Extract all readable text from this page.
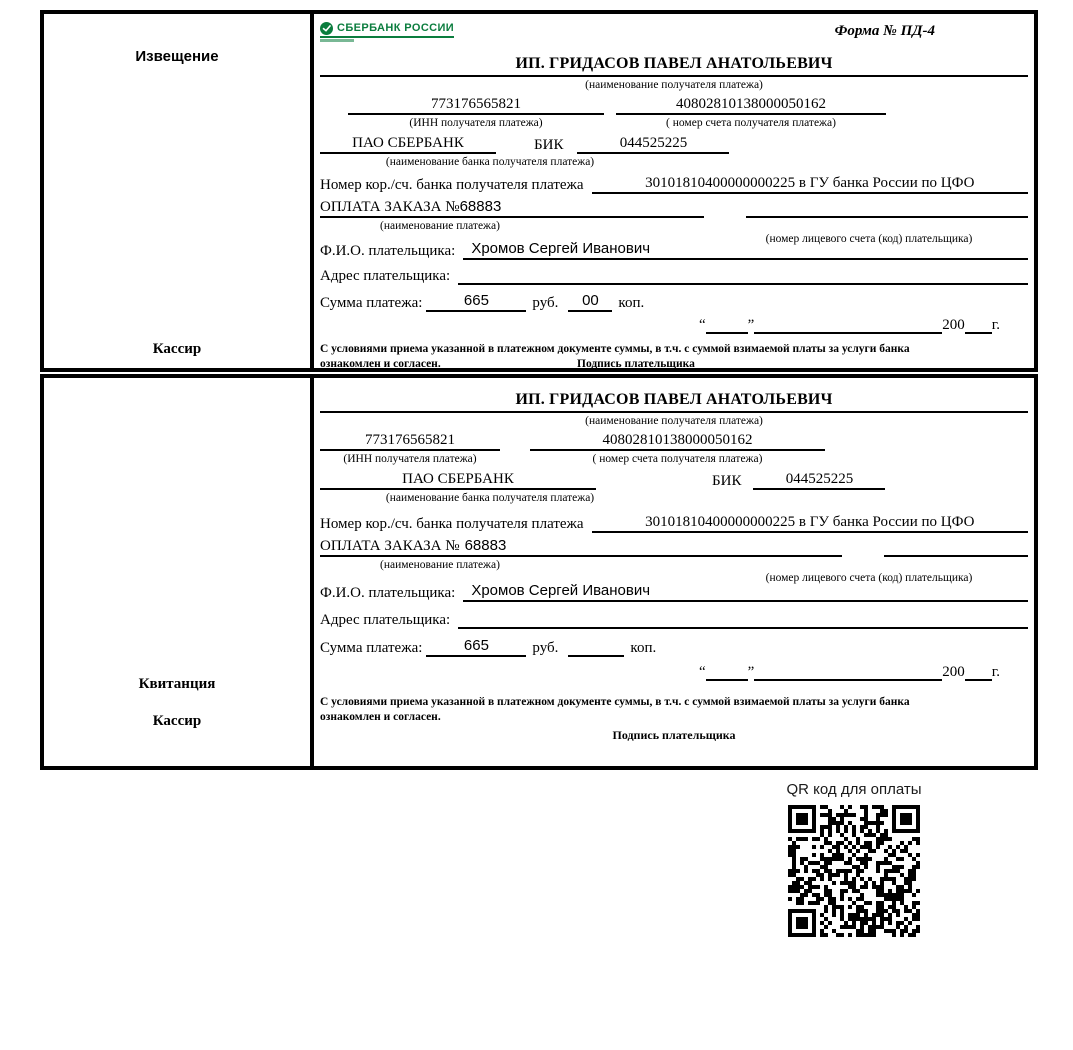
Извещение
Кассир
СБЕРБАНК РОССИИ	Форма № ПД-4
ИП. ГРИДАСОВ ПАВЕЛ АНАТОЛЬЕВИЧ
(наименование получателя платежа)
773176565821	40802810138000050162
(ИНН получателя платежа)	( номер счета получателя платежа)
ПАО СБЕРБАНК	БИК	044525225
(наименование банка получателя платежа)
Номер кор./сч. банка получателя платежа	30101810400000000225 в ГУ банка России по ЦФО
ОПЛАТА ЗАКАЗА №68883
(наименование платежа)
(номер лицевого счета (код) плательщика)
Ф.И.О. плательщика:	Хромов Сергей Иванович
Адрес плательщика:
Сумма платежа:	665	руб.	00	коп.
“	”	200 г.
С условиями приема указанной в платежном документе суммы, в т.ч. с суммой взимаемой платы за услуги банка
ознакомлен и согласен.	Подпись плательщика
Квитанция
Кассир
ИП. ГРИДАСОВ ПАВЕЛ АНАТОЛЬЕВИЧ
(наименование получателя платежа)
773176565821	40802810138000050162
(ИНН получателя платежа)	( номер счета получателя платежа)
ПАО СБЕРБАНК	БИК	044525225
(наименование банка получателя платежа)
Номер кор./сч. банка получателя платежа	30101810400000000225 в ГУ банка России по ЦФО
ОПЛАТА ЗАКАЗА № 68883
(наименование платежа)
(номер лицевого счета (код) плательщика)
Ф.И.О. плательщика:	Хромов Сергей Иванович
Адрес плательщика:
Сумма платежа:	665	руб.	коп.
“	”	200 г.
С условиями приема указанной в платежном документе суммы, в т.ч. с суммой взимаемой платы за услуги банка
ознакомлен и согласен.
Подпись плательщика
QR код для оплаты
